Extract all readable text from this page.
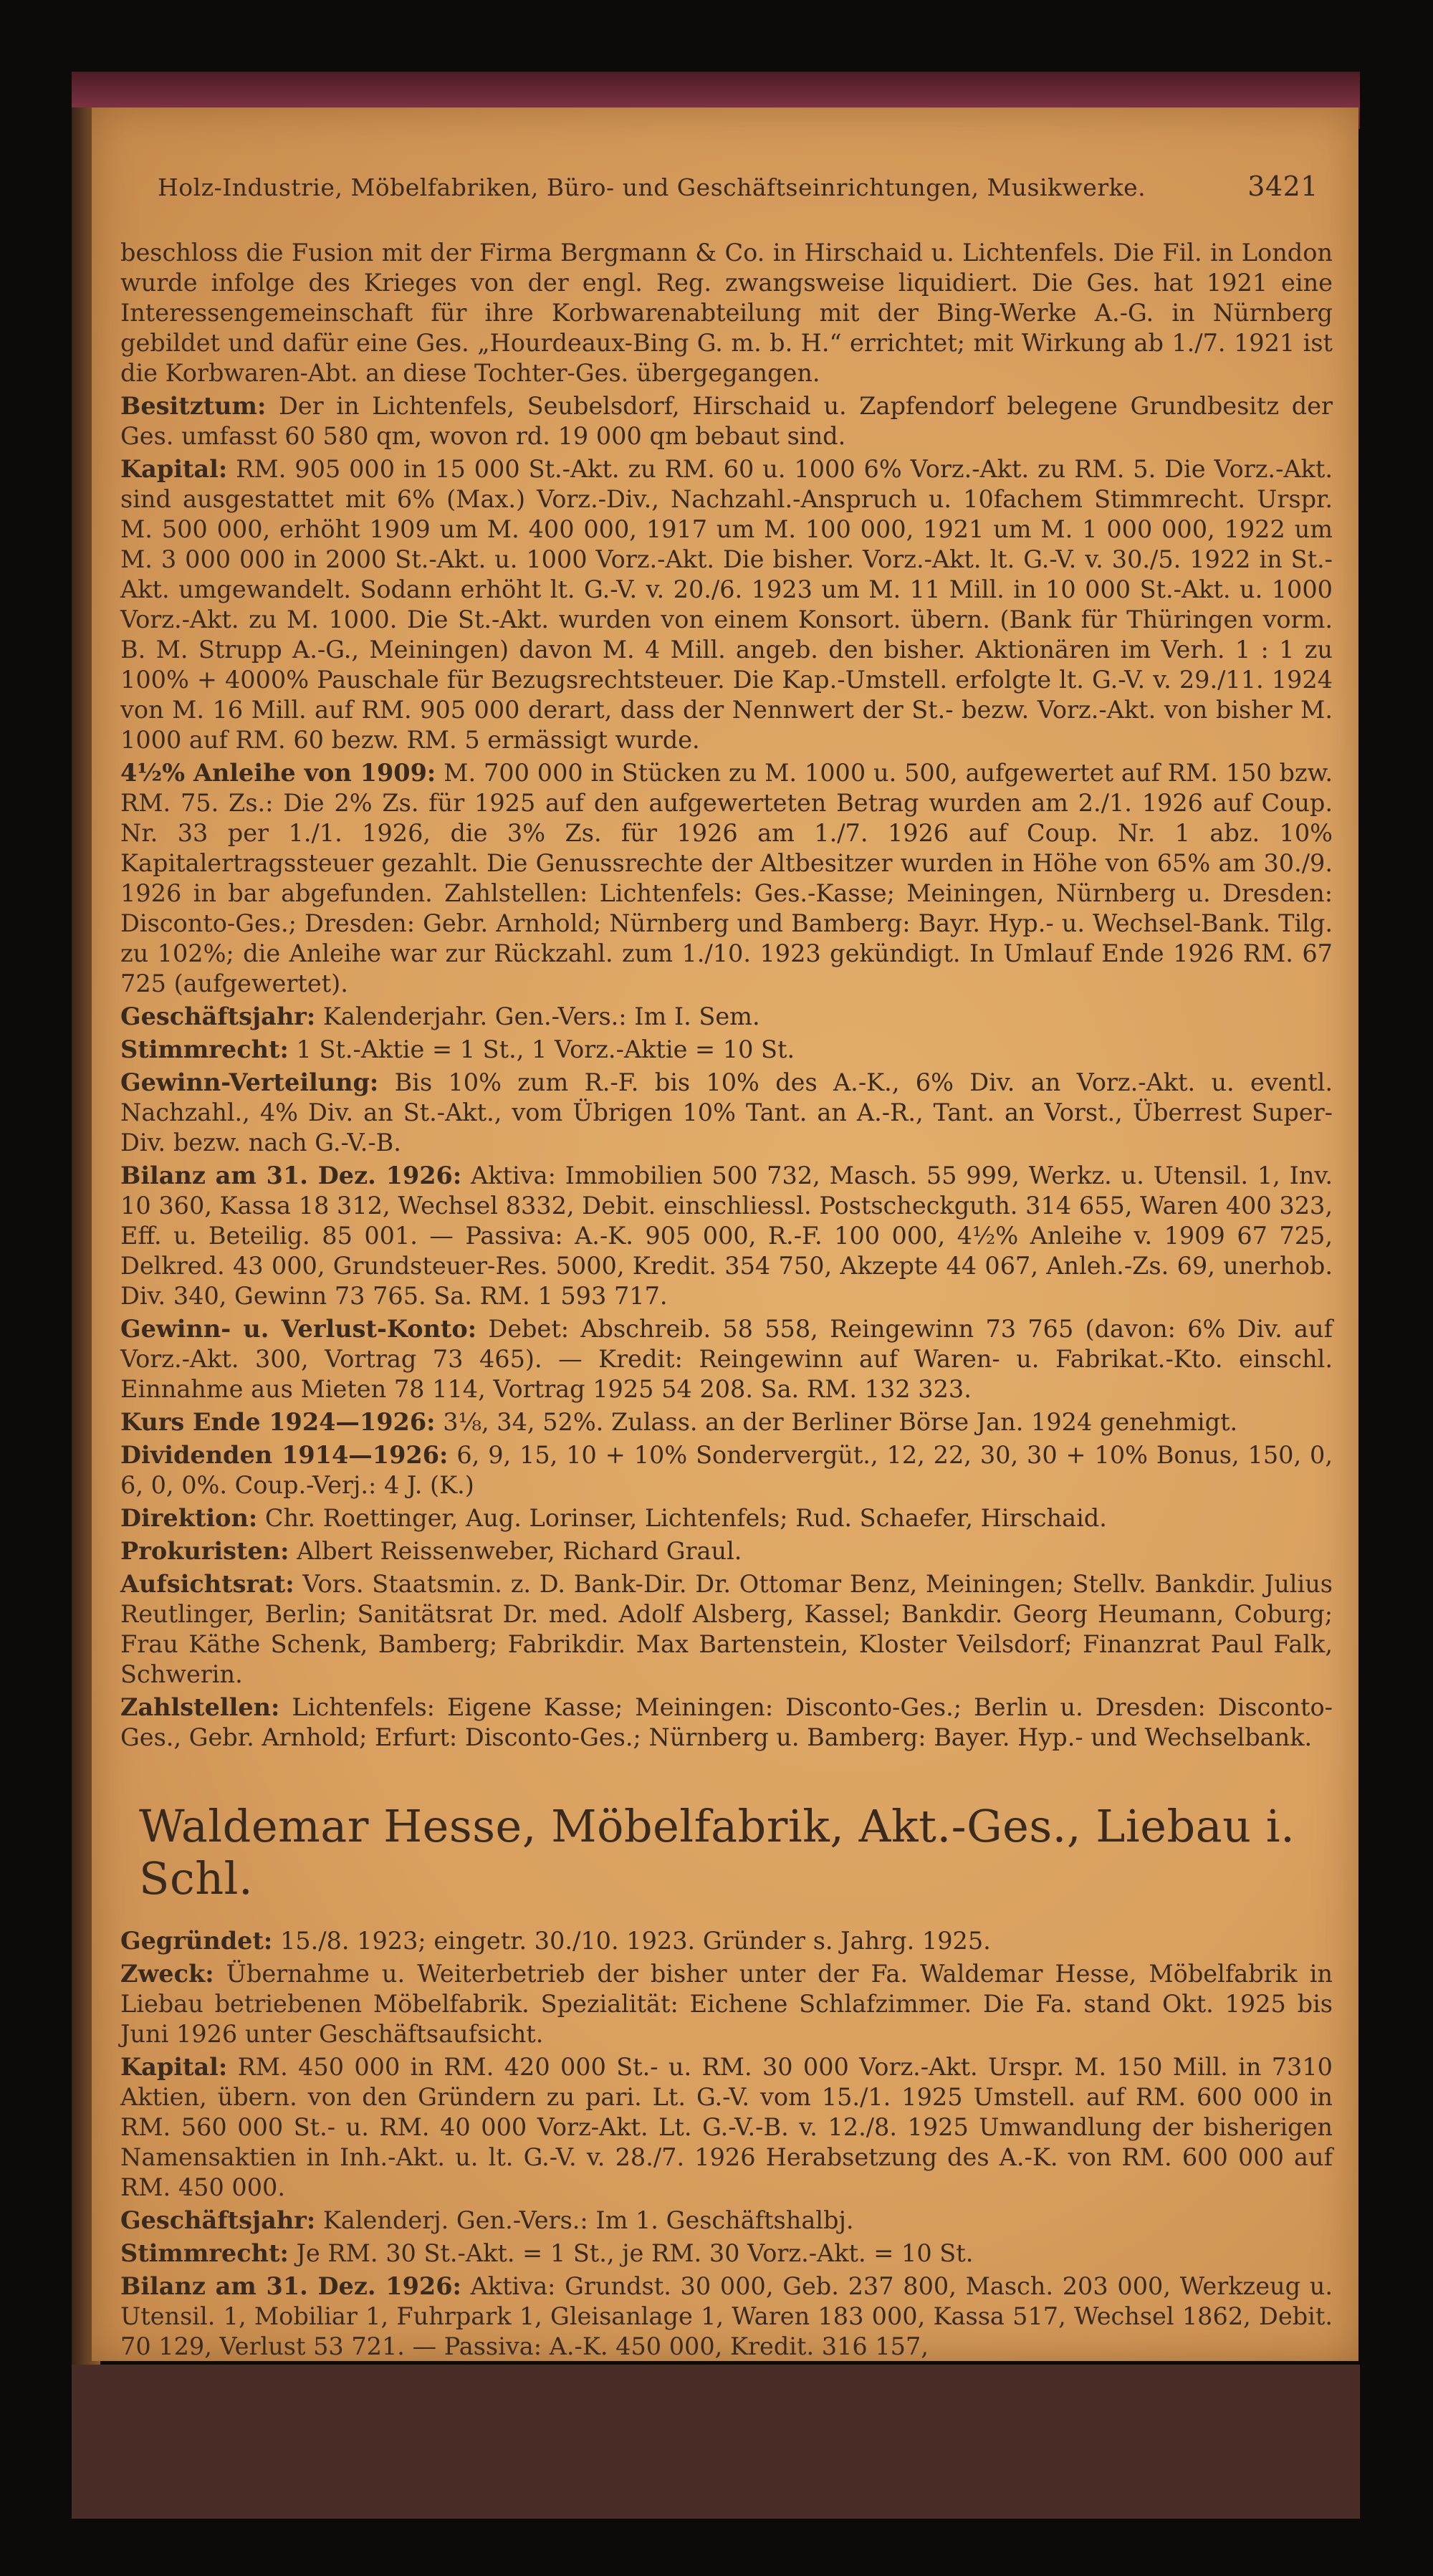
Holz-Industrie, Möbelfabriken, Büro- und Geschäftseinrichtungen, Musikwerke.	3421

beschloss die Fusion mit der Firma Bergmann & Co. in Hirschaid u. Lichtenfels. Die Fil. in London wurde infolge des Krieges von der engl. Reg. zwangsweise liquidiert. Die Ges. hat 1921 eine Interessengemeinschaft für ihre Korbwarenabteilung mit der Bing-Werke A.-G. in Nürnberg gebildet und dafür eine Ges. „Hourdeaux-Bing G. m. b. H.“ errichtet; mit Wirkung ab 1./7. 1921 ist die Korbwaren-Abt. an diese Tochter-Ges. übergegangen.

Besitztum: Der in Lichtenfels, Seubelsdorf, Hirschaid u. Zapfendorf belegene Grundbesitz der Ges. umfasst 60 580 qm, wovon rd. 19 000 qm bebaut sind.

Kapital: RM. 905 000 in 15 000 St.-Akt. zu RM. 60 u. 1000 6% Vorz.-Akt. zu RM. 5. Die Vorz.-Akt. sind ausgestattet mit 6% (Max.) Vorz.-Div., Nachzahl.-Anspruch u. 10fachem Stimmrecht. Urspr. M. 500 000, erhöht 1909 um M. 400 000, 1917 um M. 100 000, 1921 um M. 1 000 000, 1922 um M. 3 000 000 in 2000 St.-Akt. u. 1000 Vorz.-Akt. Die bisher. Vorz.-Akt. lt. G.-V. v. 30./5. 1922 in St.-Akt. umgewandelt. Sodann erhöht lt. G.-V. v. 20./6. 1923 um M. 11 Mill. in 10 000 St.-Akt. u. 1000 Vorz.-Akt. zu M. 1000. Die St.-Akt. wurden von einem Konsort. übern. (Bank für Thüringen vorm. B. M. Strupp A.-G., Meiningen) davon M. 4 Mill. angeb. den bisher. Aktionären im Verh. 1 : 1 zu 100% + 4000% Pauschale für Bezugsrechtsteuer. Die Kap.-Umstell. erfolgte lt. G.-V. v. 29./11. 1924 von M. 16 Mill. auf RM. 905 000 derart, dass der Nennwert der St.- bezw. Vorz.-Akt. von bisher M. 1000 auf RM. 60 bezw. RM. 5 ermässigt wurde.

4½% Anleihe von 1909: M. 700 000 in Stücken zu M. 1000 u. 500, aufgewertet auf RM. 150 bzw. RM. 75. Zs.: Die 2% Zs. für 1925 auf den aufgewerteten Betrag wurden am 2./1. 1926 auf Coup. Nr. 33 per 1./1. 1926, die 3% Zs. für 1926 am 1./7. 1926 auf Coup. Nr. 1 abz. 10% Kapitalertragssteuer gezahlt. Die Genussrechte der Altbesitzer wurden in Höhe von 65% am 30./9. 1926 in bar abgefunden. Zahlstellen: Lichtenfels: Ges.-Kasse; Meiningen, Nürnberg u. Dresden: Disconto-Ges.; Dresden: Gebr. Arnhold; Nürnberg und Bamberg: Bayr. Hyp.- u. Wechsel-Bank. Tilg. zu 102%; die Anleihe war zur Rückzahl. zum 1./10. 1923 gekündigt. In Umlauf Ende 1926 RM. 67 725 (aufgewertet).

Geschäftsjahr: Kalenderjahr. Gen.-Vers.: Im I. Sem.

Stimmrecht: 1 St.-Aktie = 1 St., 1 Vorz.-Aktie = 10 St.

Gewinn-Verteilung: Bis 10% zum R.-F. bis 10% des A.-K., 6% Div. an Vorz.-Akt. u. eventl. Nachzahl., 4% Div. an St.-Akt., vom Übrigen 10% Tant. an A.-R., Tant. an Vorst., Überrest Super-Div. bezw. nach G.-V.-B.

Bilanz am 31. Dez. 1926: Aktiva: Immobilien 500 732, Masch. 55 999, Werkz. u. Utensil. 1, Inv. 10 360, Kassa 18 312, Wechsel 8332, Debit. einschliessl. Postscheckguth. 314 655, Waren 400 323, Eff. u. Beteilig. 85 001. — Passiva: A.-K. 905 000, R.-F. 100 000, 4½% Anleihe v. 1909 67 725, Delkred. 43 000, Grundsteuer-Res. 5000, Kredit. 354 750, Akzepte 44 067, Anleh.-Zs. 69, unerhob. Div. 340, Gewinn 73 765. Sa. RM. 1 593 717.

Gewinn- u. Verlust-Konto: Debet: Abschreib. 58 558, Reingewinn 73 765 (davon: 6% Div. auf Vorz.-Akt. 300, Vortrag 73 465). — Kredit: Reingewinn auf Waren- u. Fabrikat.-Kto. einschl. Einnahme aus Mieten 78 114, Vortrag 1925 54 208. Sa. RM. 132 323.

Kurs Ende 1924—1926: 3⅛, 34, 52%. Zulass. an der Berliner Börse Jan. 1924 genehmigt.

Dividenden 1914—1926: 6, 9, 15, 10 + 10% Sondervergüt., 12, 22, 30, 30 + 10% Bonus, 150, 0, 6, 0, 0%. Coup.-Verj.: 4 J. (K.)

Direktion: Chr. Roettinger, Aug. Lorinser, Lichtenfels; Rud. Schaefer, Hirschaid.

Prokuristen: Albert Reissenweber, Richard Graul.

Aufsichtsrat: Vors. Staatsmin. z. D. Bank-Dir. Dr. Ottomar Benz, Meiningen; Stellv. Bankdir. Julius Reutlinger, Berlin; Sanitätsrat Dr. med. Adolf Alsberg, Kassel; Bankdir. Georg Heumann, Coburg; Frau Käthe Schenk, Bamberg; Fabrikdir. Max Bartenstein, Kloster Veilsdorf; Finanzrat Paul Falk, Schwerin.

Zahlstellen: Lichtenfels: Eigene Kasse; Meiningen: Disconto-Ges.; Berlin u. Dresden: Disconto-Ges., Gebr. Arnhold; Erfurt: Disconto-Ges.; Nürnberg u. Bamberg: Bayer. Hyp.- und Wechselbank.

Waldemar Hesse, Möbelfabrik, Akt.-Ges., Liebau i. Schl.

Gegründet: 15./8. 1923; eingetr. 30./10. 1923. Gründer s. Jahrg. 1925.

Zweck: Übernahme u. Weiterbetrieb der bisher unter der Fa. Waldemar Hesse, Möbelfabrik in Liebau betriebenen Möbelfabrik. Spezialität: Eichene Schlafzimmer. Die Fa. stand Okt. 1925 bis Juni 1926 unter Geschäftsaufsicht.

Kapital: RM. 450 000 in RM. 420 000 St.- u. RM. 30 000 Vorz.-Akt. Urspr. M. 150 Mill. in 7310 Aktien, übern. von den Gründern zu pari. Lt. G.-V. vom 15./1. 1925 Umstell. auf RM. 600 000 in RM. 560 000 St.- u. RM. 40 000 Vorz-Akt. Lt. G.-V.-B. v. 12./8. 1925 Umwandlung der bisherigen Namensaktien in Inh.-Akt. u. lt. G.-V. v. 28./7. 1926 Herabsetzung des A.-K. von RM. 600 000 auf RM. 450 000.

Geschäftsjahr: Kalenderj. Gen.-Vers.: Im 1. Geschäftshalbj.

Stimmrecht: Je RM. 30 St.-Akt. = 1 St., je RM. 30 Vorz.-Akt. = 10 St.

Bilanz am 31. Dez. 1926: Aktiva: Grundst. 30 000, Geb. 237 800, Masch. 203 000, Werkzeug u. Utensil. 1, Mobiliar 1, Fuhrpark 1, Gleisanlage 1, Waren 183 000, Kassa 517, Wechsel 1862, Debit. 70 129, Verlust 53 721. — Passiva: A.-K. 450 000, Kredit. 316 157,
